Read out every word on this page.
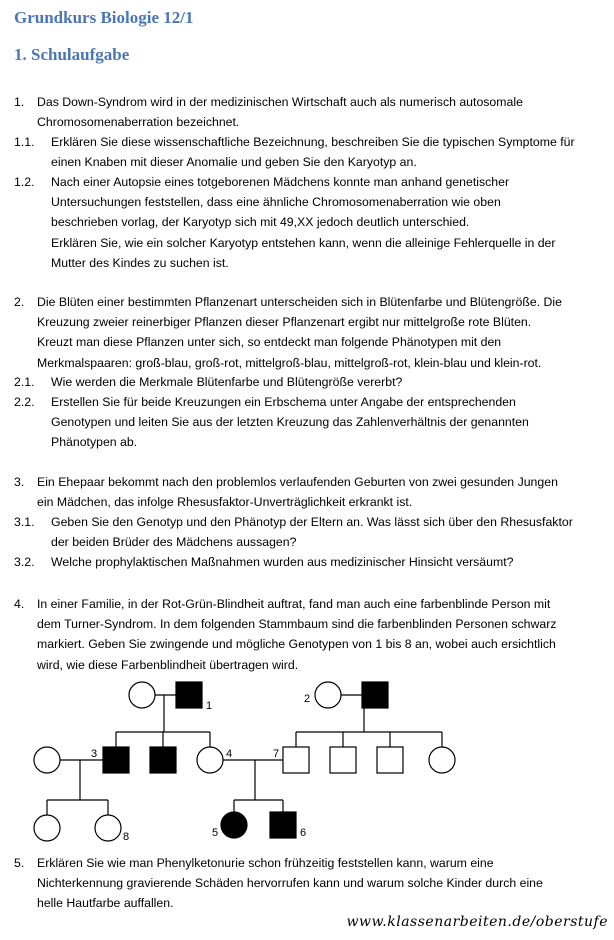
Grundkurs Biologie 12/1
1. Schulaufgabe
1. Das Down-Syndrom wird in der medizinischen Wirtschaft auch als numerisch autosomale
Chromosomenaberration bezeichnet.
1.1. Erklären Sie diese wissenschaftliche Bezeichnung, beschreiben Sie die typischen Symptome für
einen Knaben mit dieser Anomalie und geben Sie den Karyotyp an.
1.2. Nach einer Autopsie eines totgeborenen Mädchens konnte man anhand genetischer
Untersuchungen feststellen, dass eine ähnliche Chromosomenaberration wie oben
beschrieben vorlag, der Karyotyp sich mit 49,XX jedoch deutlich unterschied.
Erklären Sie, wie ein solcher Karyotyp entstehen kann, wenn die alleinige Fehlerquelle in der
Mutter des Kindes zu suchen ist.
2. Die Blüten einer bestimmten Pflanzenart unterscheiden sich in Blütenfarbe und Blütengröße. Die
Kreuzung zweier reinerbiger Pflanzen dieser Pflanzenart ergibt nur mittelgroße rote Blüten.
Kreuzt man diese Pflanzen unter sich, so entdeckt man folgende Phänotypen mit den
Merkmalspaaren: groß-blau, groß-rot, mittelgroß-blau, mittelgroß-rot, klein-blau und klein-rot.
2.1. Wie werden die Merkmale Blütenfarbe und Blütengröße vererbt?
2.2. Erstellen Sie für beide Kreuzungen ein Erbschema unter Angabe der entsprechenden
Genotypen und leiten Sie aus der letzten Kreuzung das Zahlenverhältnis der genannten
Phänotypen ab.
3. Ein Ehepaar bekommt nach den problemlos verlaufenden Geburten von zwei gesunden Jungen
ein Mädchen, das infolge Rhesusfaktor-Unverträglichkeit erkrankt ist.
3.1. Geben Sie den Genotyp und den Phänotyp der Eltern an. Was lässt sich über den Rhesusfaktor
der beiden Brüder des Mädchens aussagen?
3.2. Welche prophylaktischen Maßnahmen wurden aus medizinischer Hinsicht versäumt?
4. In einer Familie, in der Rot-Grün-Blindheit auftrat, fand man auch eine farbenblinde Person mit
dem Turner-Syndrom. In dem folgenden Stammbaum sind die farbenblinden Personen schwarz
markiert. Geben Sie zwingende und mögliche Genotypen von 1 bis 8 an, wobei auch ersichtlich
wird, wie diese Farbenblindheit übertragen wird.
5. Erklären Sie wie man Phenylketonurie schon frühzeitig feststellen kann, warum eine
Nichterkennung gravierende Schäden hervorrufen kann und warum solche Kinder durch eine
helle Hautfarbe auffallen.
1
2
3	4	7
5	6
8
www.klassenarbeiten.de/oberstufe
